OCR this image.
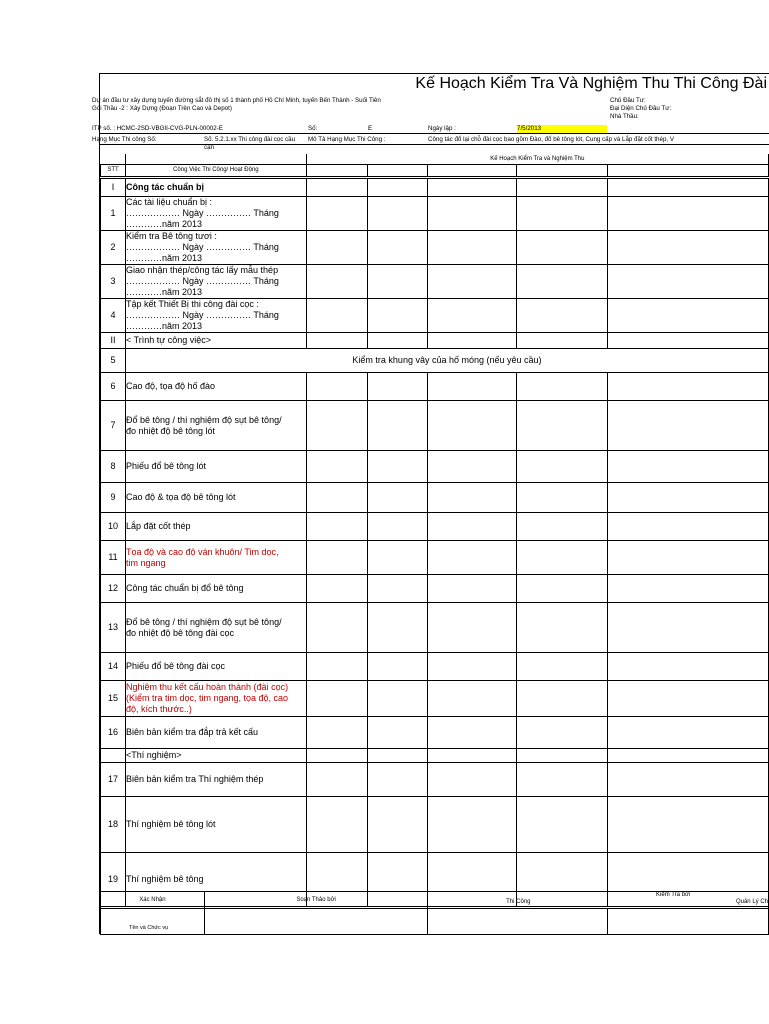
Kế Hoạch Kiểm Tra Và Nghiệm Thu Thi Công Đài
Dự án đầu tư xây dựng tuyến đường sắt đô thị số 1 thành phố Hồ Chí Minh, tuyến Bến Thành - Suối Tiên
Gói Thầu -2 : Xây Dựng (Đoạn Trên Cao và Depot)
Chủ Đầu Tư:
Đại Diện Chủ Đầu Tư:
Nhà Thầu:
ITP số. : HCMC-2SD-VBGII-CVG-PLN-00002-E	Số:	E	Ngày lập :	7/5/2013
Hạng Mục Thi công Số:	Số. 5.2.1.xx Thi công đài cọc cầu cạn
Mô Tả Hạng Mục Thi Công :	Công tác đổ lại chỗ đài cọc bao gồm Đào, đổ bê tông lót, Cung cấp và Lắp đặt cốt thép, V
		Kế Hoạch Kiểm Tra và Nghiệm Thu				
STT	Công Việc Thi Công/ Hoạt Động					
I	Công tác chuẩn bị					

1	Các tài liệu chuẩn bị :
……………… Ngày …………… Tháng …………năm 2013					

2	Kiểm tra Bê tông tươi :
……………… Ngày …………… Tháng …………năm 2013					

3	Giao nhận thép/công tác lấy mẫu thép
……………… Ngày …………… Tháng …………năm 2013					

4	Tập kết Thiết Bị thi công đài cọc :
……………… Ngày …………… Tháng …………năm 2013					

II	< Trình tự công việc>					

5	Kiểm tra khung vây của hố móng (nếu yêu cầu)					

6	Cao độ, tọa độ hố đào					

7	Đổ bê tông / thí nghiệm độ sụt bê tông/
đo nhiệt độ bê tông lót					

8	Phiếu đổ bê tông lót					

9	Cao độ & tọa độ bê tông lót					

10	Lắp đặt cốt thép					

11	Tọa độ và cao độ ván khuôn/ Tim dọc,
tim ngang					

12	Công tác chuẩn bị đổ bê tông					

13	Đổ bê tông / thí nghiệm độ sụt bê tông/
đo nhiệt độ bê tông đài cọc					

14	Phiếu đổ bê tông đài cọc					

15	Nghiệm thu kết cấu hoàn thành (đài cọc)
(Kiểm tra tim dọc, tim ngang, tọa độ, cao
độ, kích thước..)					

16	Biên bản kiểm tra đắp trả kết cấu					

	<Thí nghiệm>					

17	Biên bản kiểm tra Thí nghiệm thép					

18	Thí nghiệm bê tông lót					

19	Thí nghiệm bê tông					

Xác Nhận	Soạn Thảo bởi	Kiểm Tra bởi
Thi Công Quản Lý Ch	

Tên và Chức vụ			
